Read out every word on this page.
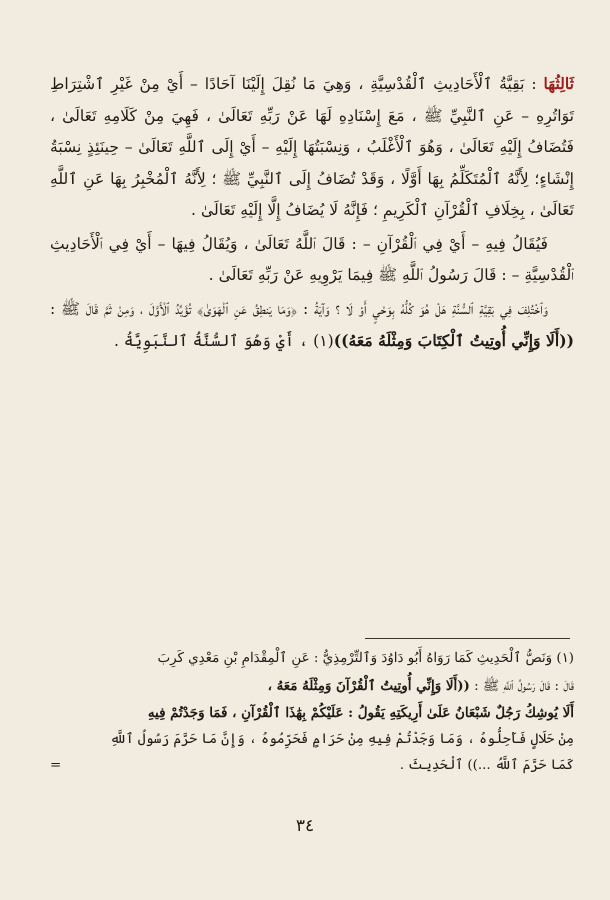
ثَالِثُهَا : بَقِيَّةُ ٱلْأَحَادِيثِ ٱلْقُدْسِيَّةِ ، وَهِيَ مَا نُقِلَ إِلَيْنَا آحَادًا – أَيْ مِنْ غَيْرِ ٱشْتِرَاطِ تَوَاتُرِهِ – عَنِ ٱلنَّبِيِّ ﷺ ، مَعَ إِسْنَادِهِ لَهَا عَنْ رَبِّهِ تَعَالَىٰ ، فَهِيَ مِنْ كَلَامِهِ تَعَالَىٰ ، فَتُضَافُ إِلَيْهِ تَعَالَىٰ ، وَهُوَ ٱلْأَغْلَبُ ، وَنِسْبَتُهَا إِلَيْهِ – أَيْ إِلَى ٱللَّهِ تَعَالَىٰ – حِينَئِذٍ نِسْبَةُ إِنْشَاءٍ؛ لِأَنَّهُ ٱلْمُتَكَلِّمُ بِهَا أَوَّلًا ، وَقَدْ تُضَافُ إِلَى ٱلنَّبِيِّ ﷺ ؛ لِأَنَّهُ ٱلْمُخْبِرُ بِهَا عَنِ ٱللَّهِ تَعَالَىٰ ، بِخِلَافِ ٱلْقُرْآنِ ٱلْكَرِيمِ ؛ فَإِنَّهُ لَا يُضَافُ إِلَّا إِلَيْهِ تَعَالَىٰ .

فَيُقَالُ فِيهِ – أَيْ فِي ٱلْقُرْآنِ – : قَالَ ٱللَّهُ تَعَالَىٰ ، وَيُقَالُ فِيهَا – أَيْ فِي ٱلْأَحَادِيثِ ٱلْقُدْسِيَّةِ – : قَالَ رَسُولُ ٱللَّهِ ﷺ فِيمَا يَرْوِيهِ عَنْ رَبِّهِ تَعَالَىٰ .

وَٱخْتُلِفَ فِي بَقِيَّةِ ٱلسُّنَّةِ هَلْ هُوَ كُلُّهُ بِوَحْيٍ أَوْ لَا ؟ وَآيَةُ : ﴿وَمَا يَنطِقُ عَنِ ٱلْهَوَىٰ﴾ تُؤَيِّدُ ٱلْأَوَّلَ ، وَمِنْ ثَمَّ قَالَ ﷺ : ((أَلَا وَإِنِّي أُوتِيتُ ٱلْكِتَابَ وَمِثْلَهُ مَعَهُ))(١) ، أَيْ وَهُوَ ٱلسُّنَّةُ ٱلنَّبَوِيَّةُ .

(١) وَنَصُّ ٱلْحَدِيثِ كَمَا رَوَاهُ أَبُو دَاوُدَ وَٱلتِّرْمِذِيُّ : عَنِ ٱلْمِقْدَامِ بْنِ مَعْدِي كَرِبَ

قَالَ : قَالَ رَسُولُ ٱللَّهِ ﷺ : ((أَلَا وَإِنِّي أُوتِيتُ ٱلْقُرْآنَ وَمِثْلَهُ مَعَهُ ،

أَلَا يُوشِكُ رَجُلٌ شَبْعَانُ عَلَىٰ أَرِيكَتِهِ يَقُولُ : عَلَيْكُمْ بِهَٰذَا ٱلْقُرْآنِ ، فَمَا وَجَدْتُمْ فِيهِ

مِنْ حَلَالٍ فَأَحِلُّوهُ ، وَمَا وَجَدْتُمْ فِيهِ مِنْ حَرَامٍ فَحَرِّمُوهُ ، وَإِنَّ مَا حَرَّمَ رَسُولُ ٱللَّهِ

كَمَا حَرَّمَ ٱللَّهُ ...)) ٱلْحَدِيثَ .
=

٣٤
